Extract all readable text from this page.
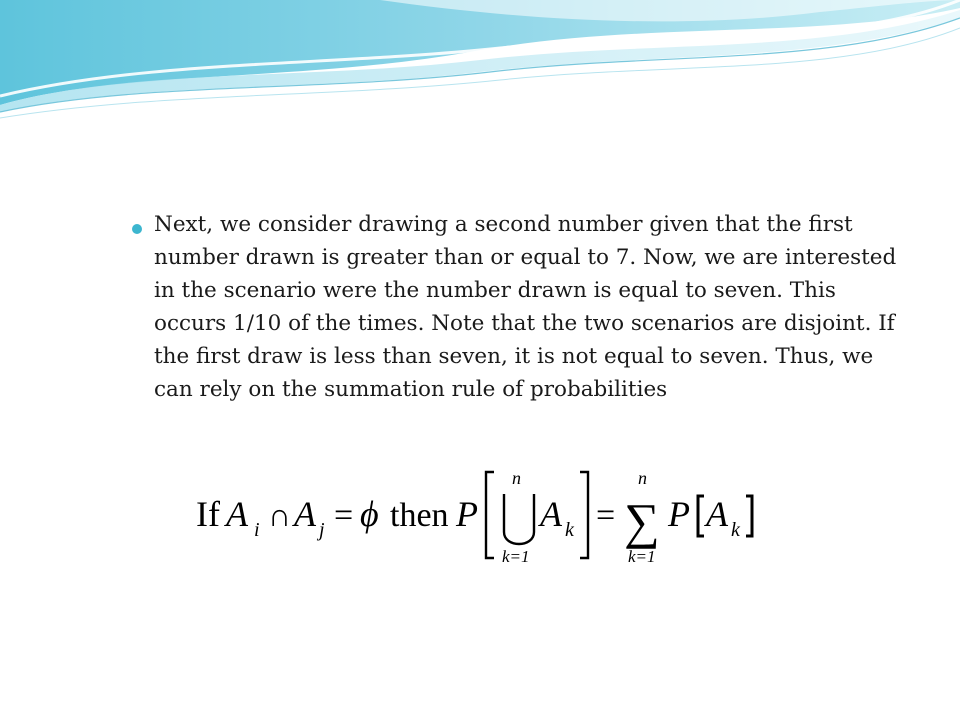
Next, we consider drawing a second number given that the first number drawn is greater than or equal to 7. Now, we are interested in the scenario were the number drawn is equal to seven. This occurs 1/10 of the times. Note that the two scenarios are disjoint. If the first draw is less than seven, it is not equal to seven. Thus, we can rely on the summation rule of probabilities

If A i ∩ A j = ϕ then P
n
k=1
A k = ∑
n
k=1
P A k
